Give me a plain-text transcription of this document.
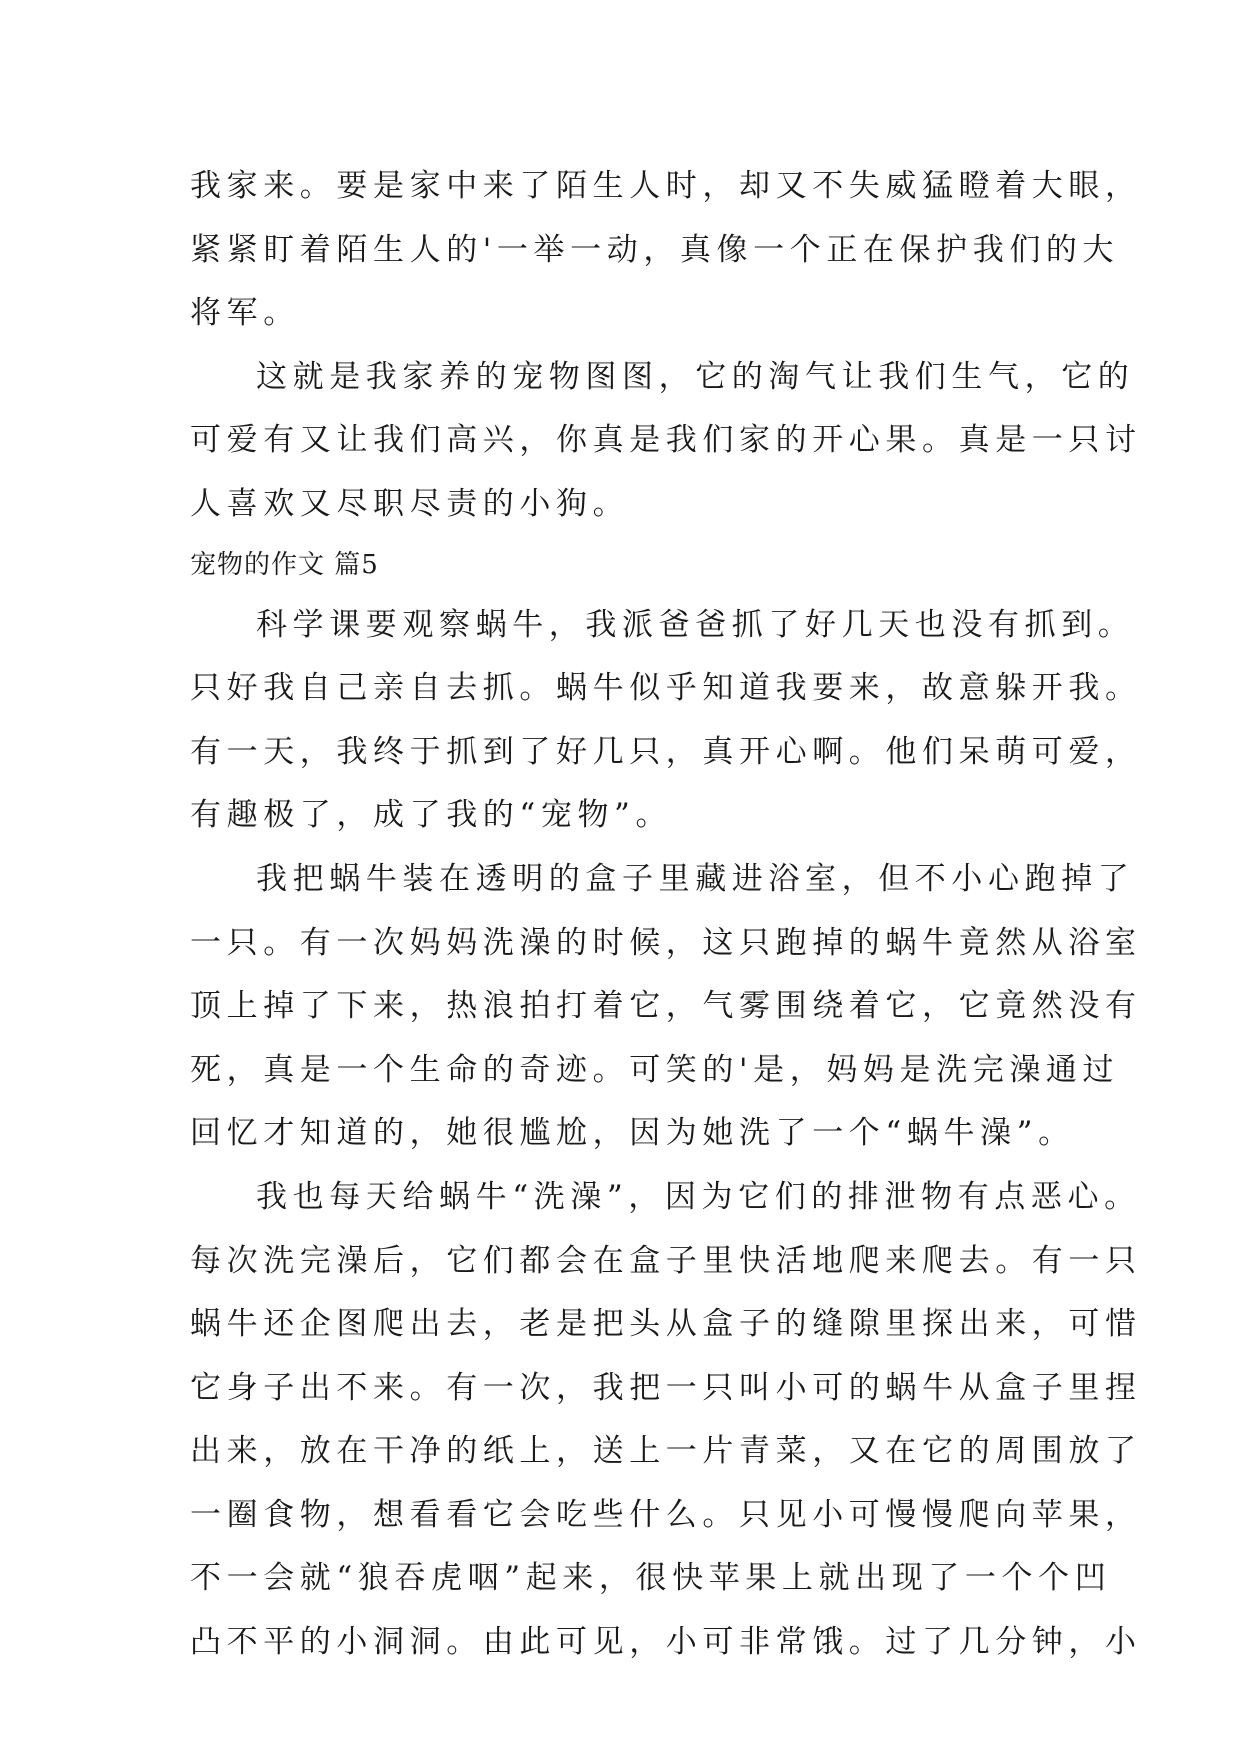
我家来。要是家中来了陌生人时，却又不失威猛瞪着大眼，
紧紧盯着陌生人的'一举一动，真像一个正在保护我们的大
将军。
这就是我家养的宠物图图，它的淘气让我们生气，它的
可爱有又让我们高兴，你真是我们家的开心果。真是一只讨
人喜欢又尽职尽责的小狗。
宠物的作文 篇5
科学课要观察蜗牛，我派爸爸抓了好几天也没有抓到。
只好我自己亲自去抓。蜗牛似乎知道我要来，故意躲开我。
有一天，我终于抓到了好几只，真开心啊。他们呆萌可爱，
有趣极了，成了我的“宠物”。
我把蜗牛装在透明的盒子里藏进浴室，但不小心跑掉了
一只。有一次妈妈洗澡的时候，这只跑掉的蜗牛竟然从浴室
顶上掉了下来，热浪拍打着它，气雾围绕着它，它竟然没有
死，真是一个生命的奇迹。可笑的'是，妈妈是洗完澡通过
回忆才知道的，她很尴尬，因为她洗了一个“蜗牛澡”。
我也每天给蜗牛“洗澡”，因为它们的排泄物有点恶心。
每次洗完澡后，它们都会在盒子里快活地爬来爬去。有一只
蜗牛还企图爬出去，老是把头从盒子的缝隙里探出来，可惜
它身子出不来。有一次，我把一只叫小可的蜗牛从盒子里捏
出来，放在干净的纸上，送上一片青菜，又在它的周围放了
一圈食物，想看看它会吃些什么。只见小可慢慢爬向苹果，
不一会就“狼吞虎咽”起来，很快苹果上就出现了一个个凹
凸不平的小洞洞。由此可见，小可非常饿。过了几分钟，小
